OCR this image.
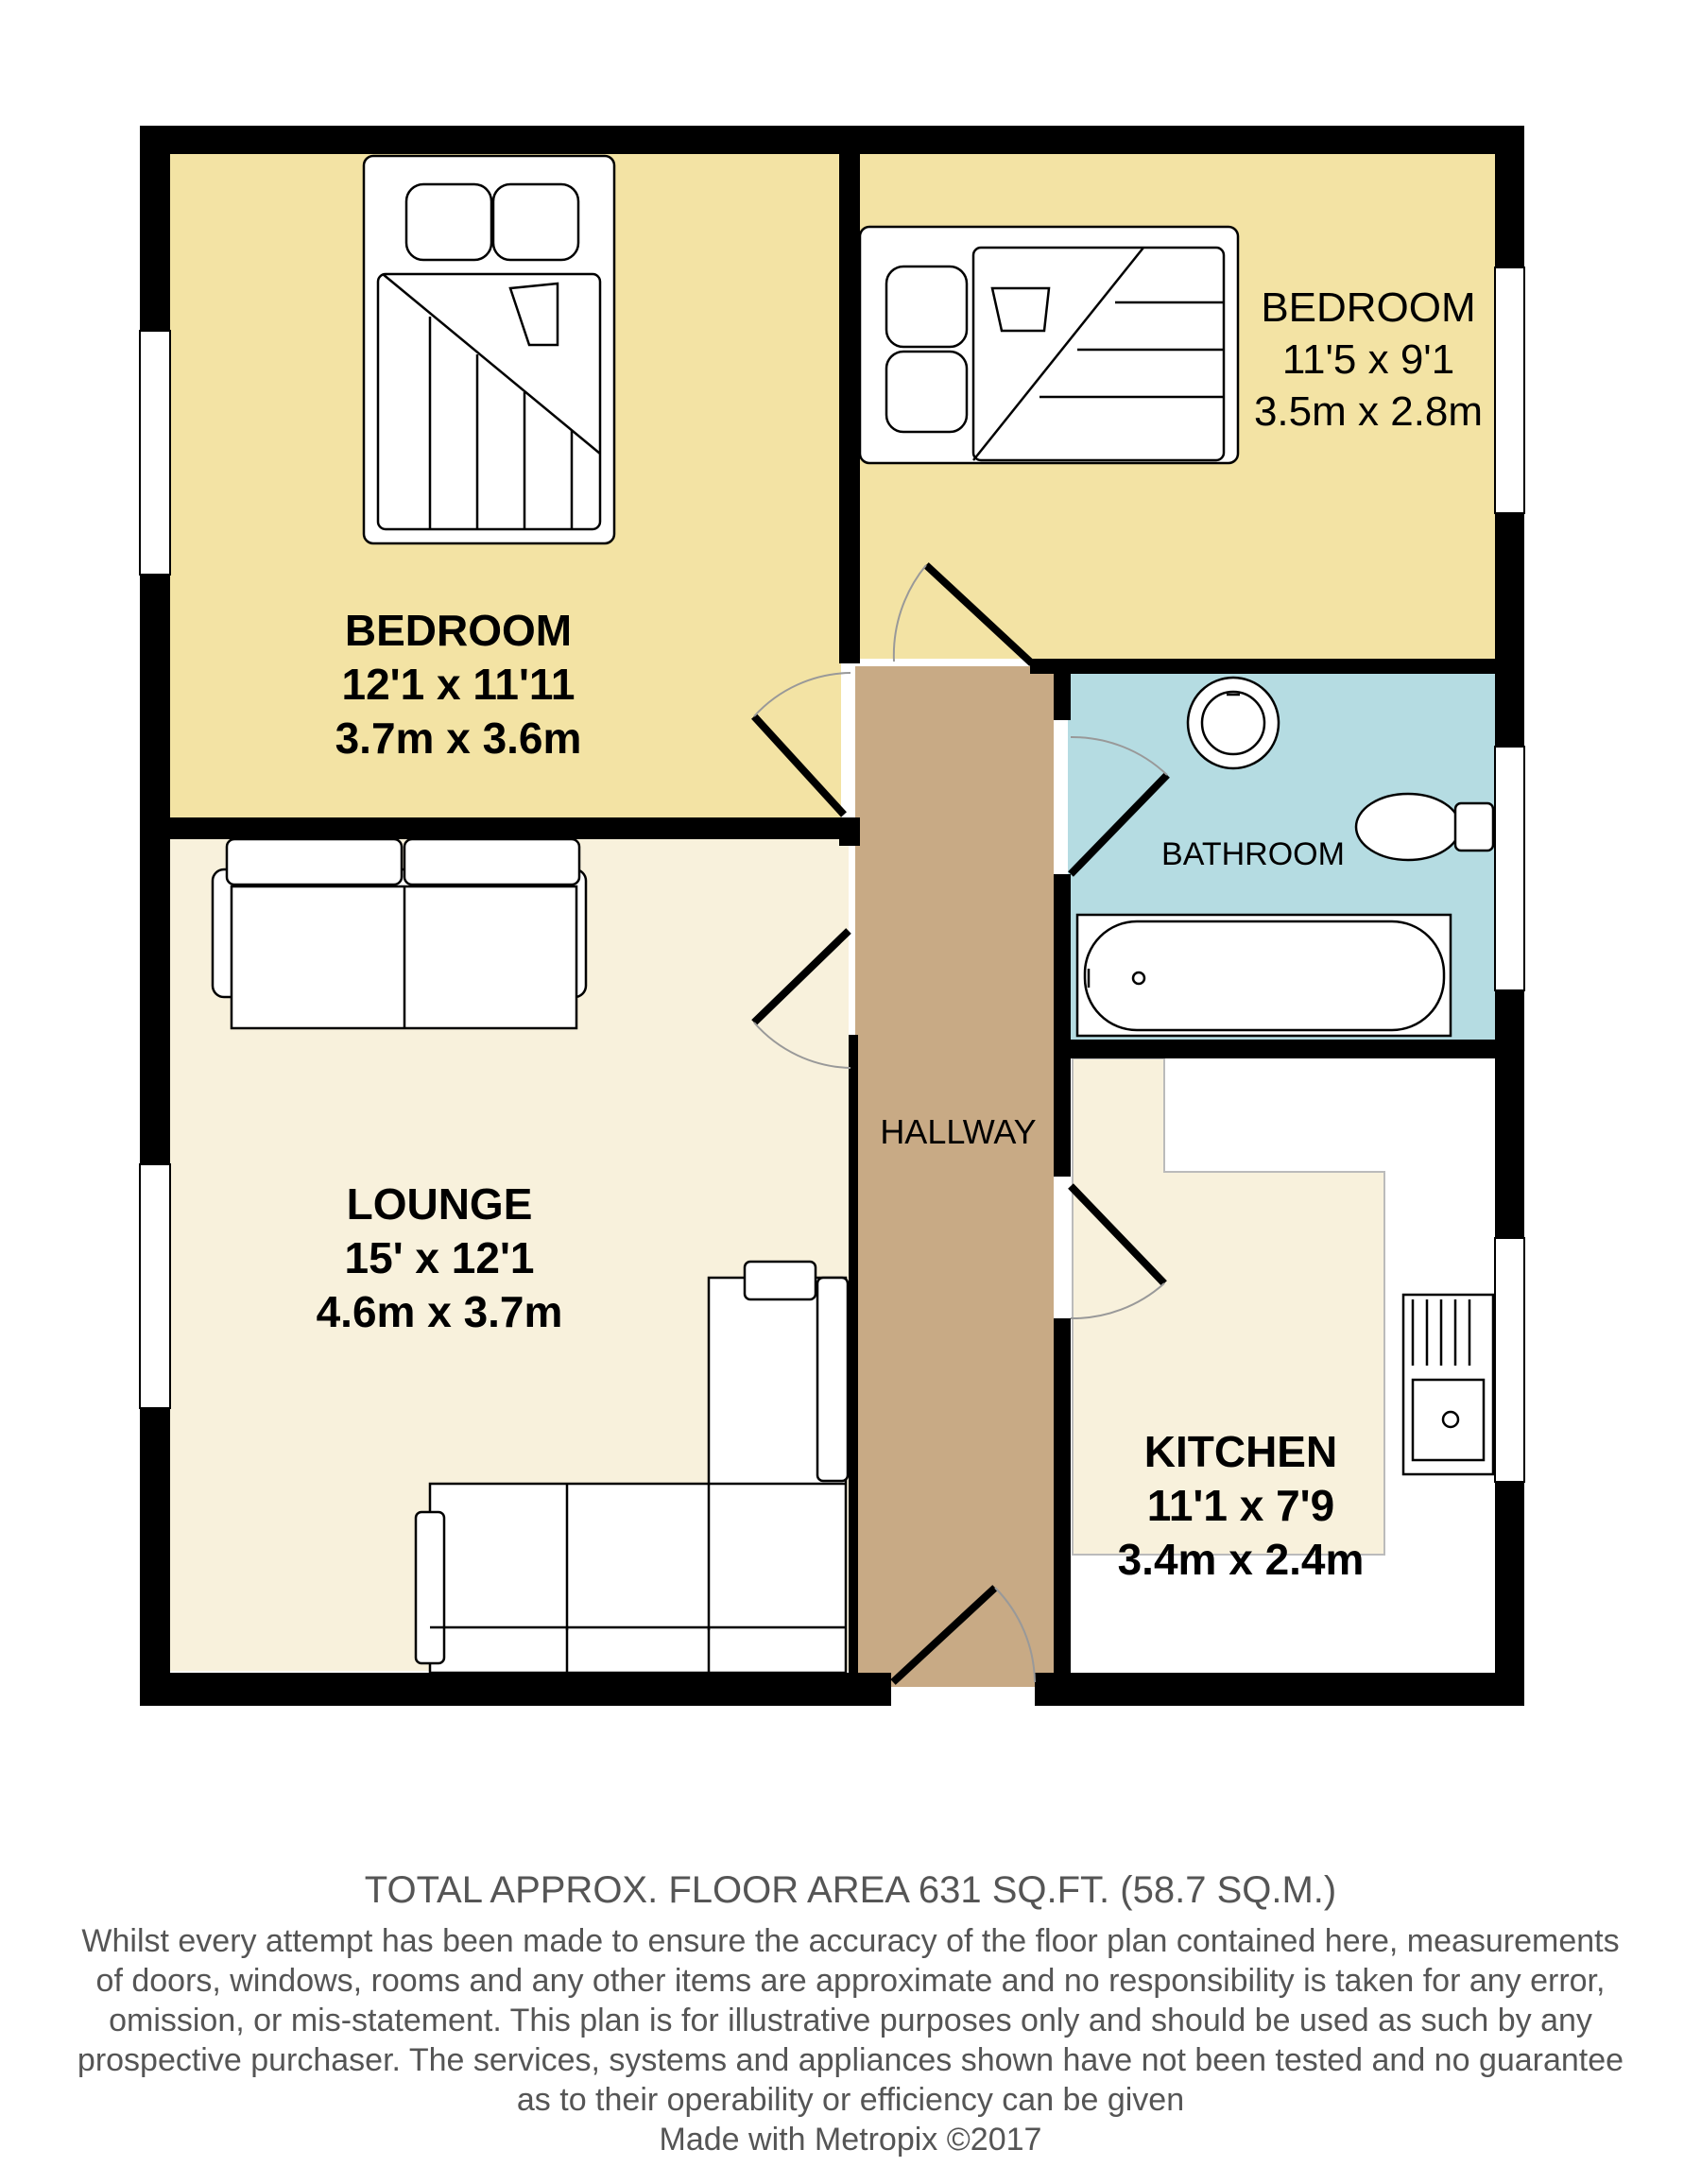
BEDROOM
12'1 x 11'11
3.7m x 3.6m
BEDROOM
11'5 x 9'1
3.5m x 2.8m
BATHROOM
LOUNGE
15' x 12'1
4.6m x 3.7m
HALLWAY
KITCHEN
11'1 x 7'9
3.4m x 2.4m
TOTAL APPROX. FLOOR AREA 631 SQ.FT. (58.7 SQ.M.)
Whilst every attempt has been made to ensure the accuracy of the floor plan contained here, measurements
of doors, windows, rooms and any other items are approximate and no responsibility is taken for any error,
omission, or mis-statement. This plan is for illustrative purposes only and should be used as such by any
prospective purchaser. The services, systems and appliances shown have not been tested and no guarantee
as to their operability or efficiency can be given
Made with Metropix ©2017
